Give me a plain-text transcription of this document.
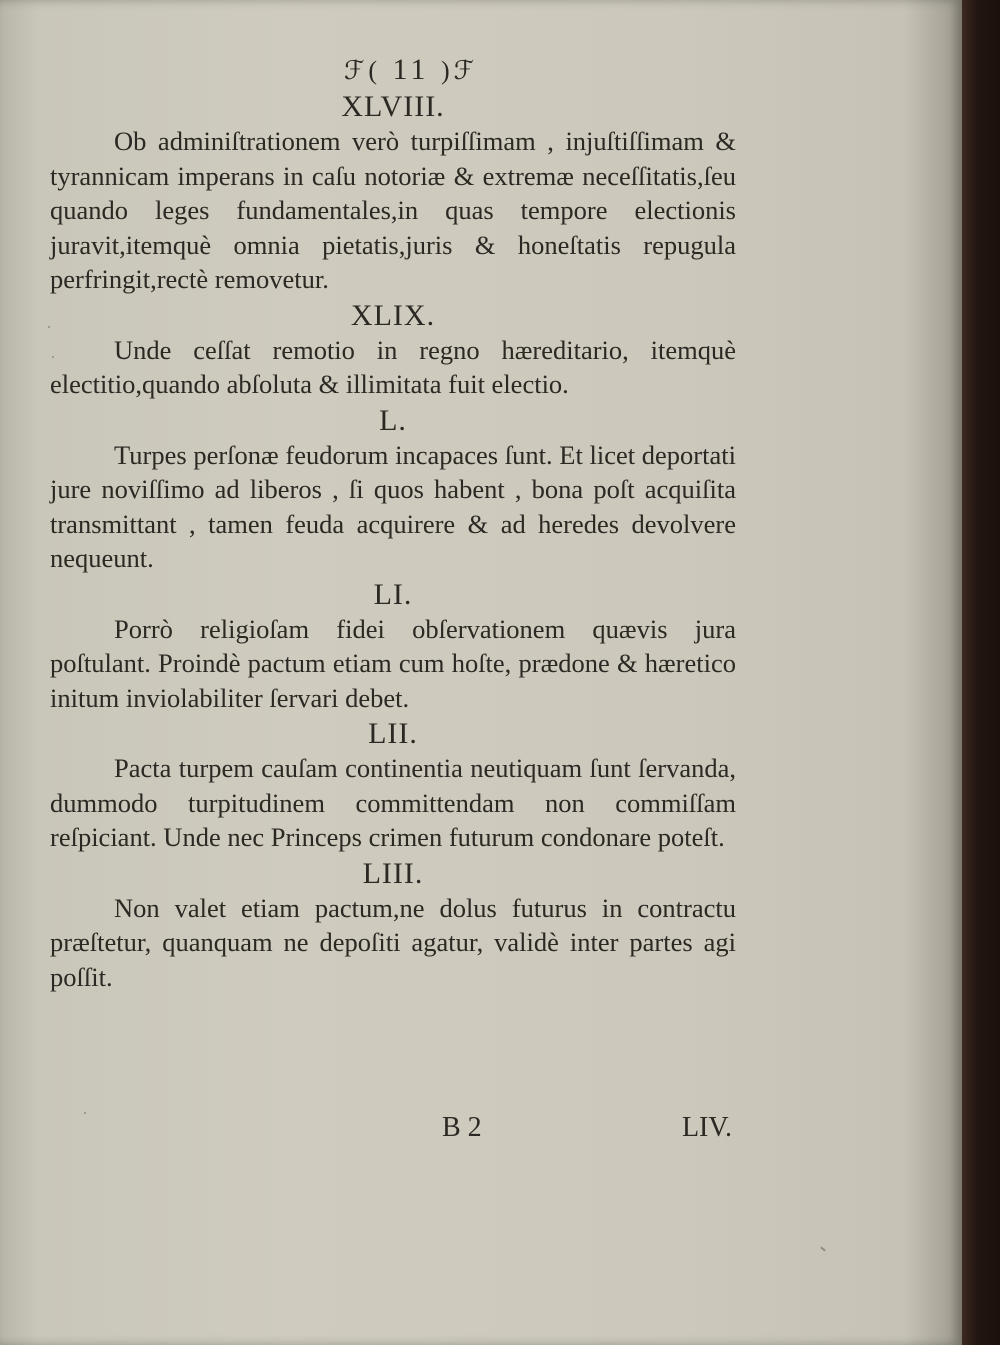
ℱ( 11 )ℱ
XLVIII.

Ob adminiſtrationem verò turpiſſimam , injuſtiſſimam & tyrannicam imperans in caſu notoriæ & extremæ neceſſitatis,ſeu quando leges fundamentales,in quas tempore electionis juravit,itemquè omnia pietatis,juris & honeſtatis repugula perfringit,rectè removetur.

XLIX.

Unde ceſſat remotio in regno hæreditario, itemquè electitio,quando abſoluta & illimitata fuit electio.

L.

Turpes perſonæ feudorum incapaces ſunt. Et licet deportati jure noviſſimo ad liberos , ſi quos habent , bona poſt acquiſita transmittant , tamen feuda acquirere & ad heredes devolvere nequeunt.

LI.

Porrò religioſam fidei obſervationem quævis jura poſtulant. Proindè pactum etiam cum hoſte, prædone & hæretico initum inviolabiliter ſervari debet.

LII.

Pacta turpem cauſam continentia neutiquam ſunt ſervanda, dummodo turpitudinem committendam non commiſſam reſpiciant. Unde nec Princeps crimen futurum condonare poteſt.

LIII.

Non valet etiam pactum,ne dolus futurus in contractu præſtetur, quanquam ne depoſiti agatur, validè inter partes agi poſſit.

B 2	LIV.
